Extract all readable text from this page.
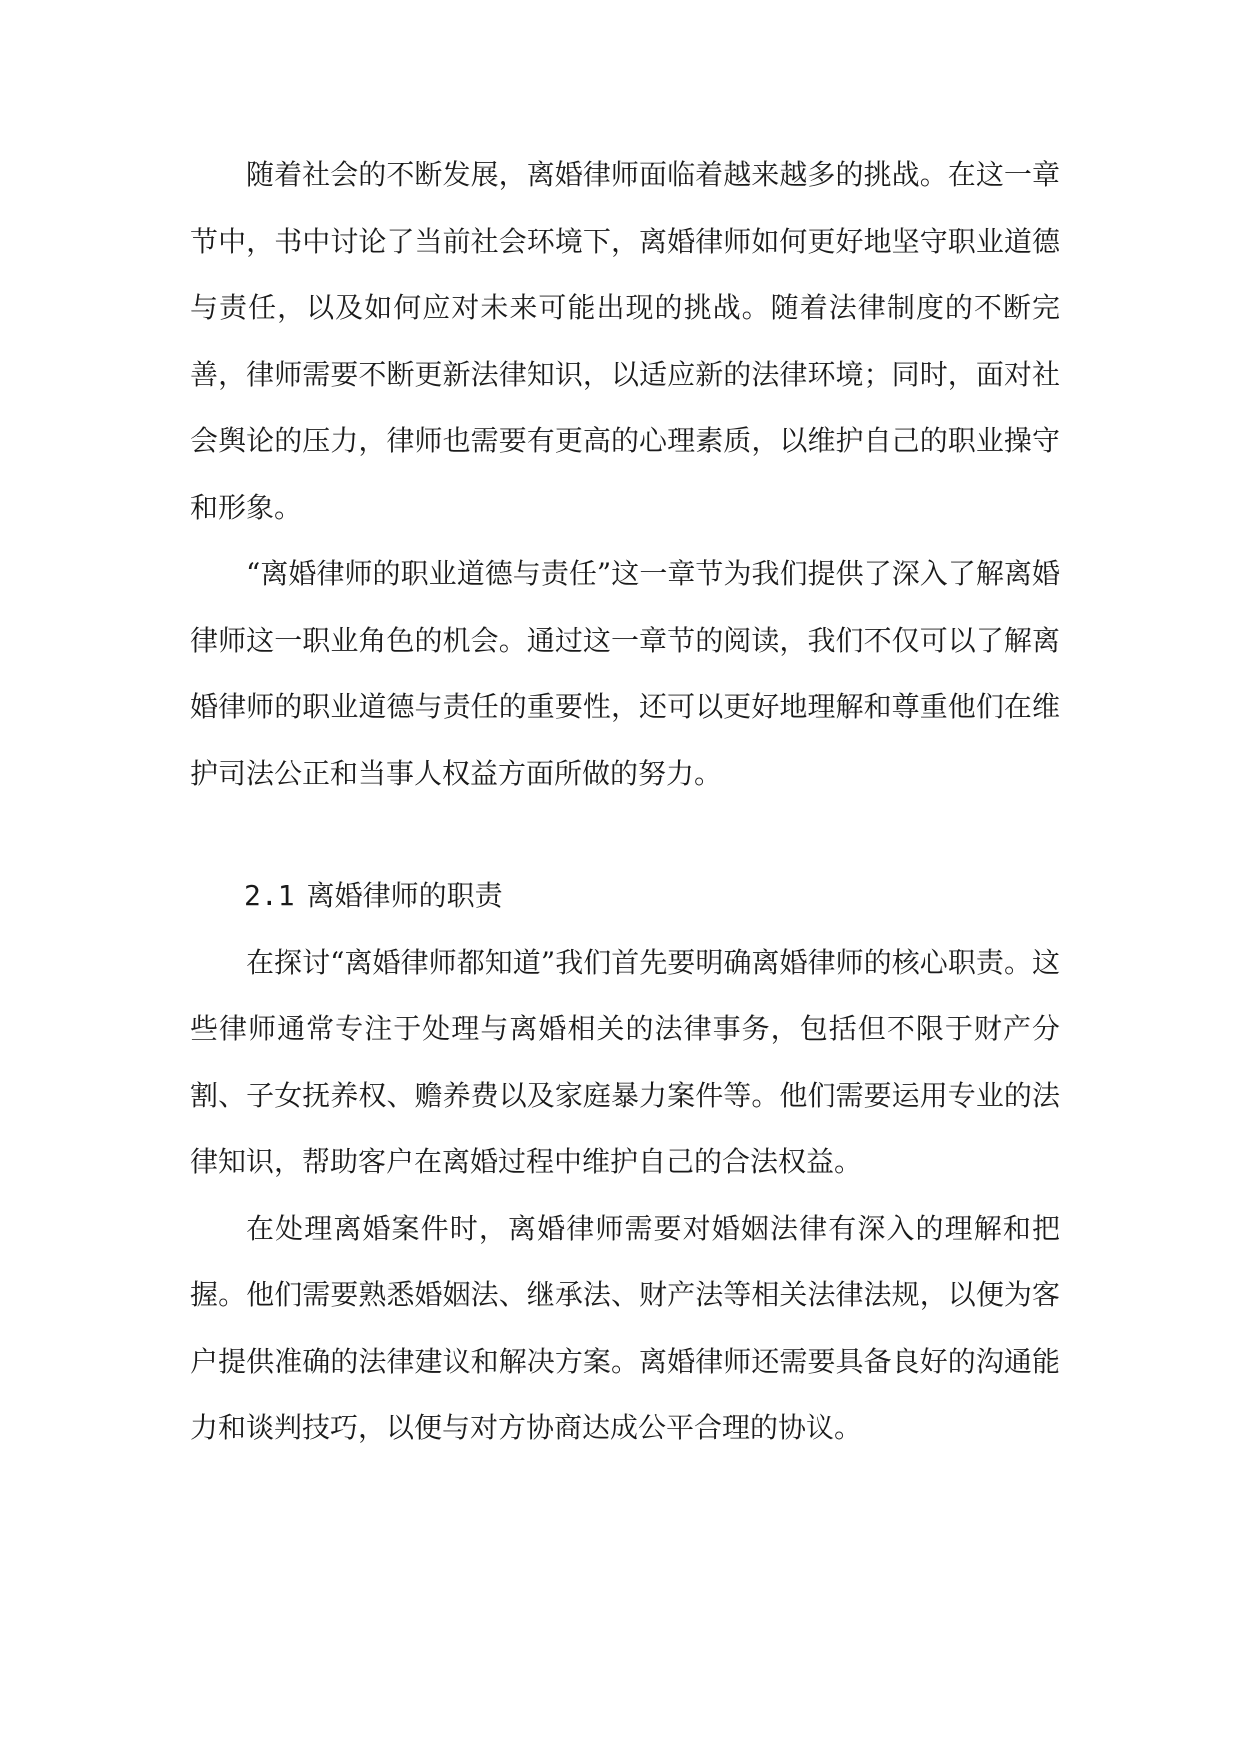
随着社会的不断发展，离婚律师面临着越来越多的挑战。在这一章节中，书中讨论了当前社会环境下，离婚律师如何更好地坚守职业道德与责任，以及如何应对未来可能出现的挑战。随着法律制度的不断完善，律师需要不断更新法律知识，以适应新的法律环境；同时，面对社会舆论的压力，律师也需要有更高的心理素质，以维护自己的职业操守和形象。

“离婚律师的职业道德与责任”这一章节为我们提供了深入了解离婚律师这一职业角色的机会。通过这一章节的阅读，我们不仅可以了解离婚律师的职业道德与责任的重要性，还可以更好地理解和尊重他们在维护司法公正和当事人权益方面所做的努力。

2.1 离婚律师的职责

在探讨“离婚律师都知道”我们首先要明确离婚律师的核心职责。这些律师通常专注于处理与离婚相关的法律事务，包括但不限于财产分割、子女抚养权、赡养费以及家庭暴力案件等。他们需要运用专业的法律知识，帮助客户在离婚过程中维护自己的合法权益。

在处理离婚案件时，离婚律师需要对婚姻法律有深入的理解和把握。他们需要熟悉婚姻法、继承法、财产法等相关法律法规，以便为客户提供准确的法律建议和解决方案。离婚律师还需要具备良好的沟通能力和谈判技巧，以便与对方协商达成公平合理的协议。
